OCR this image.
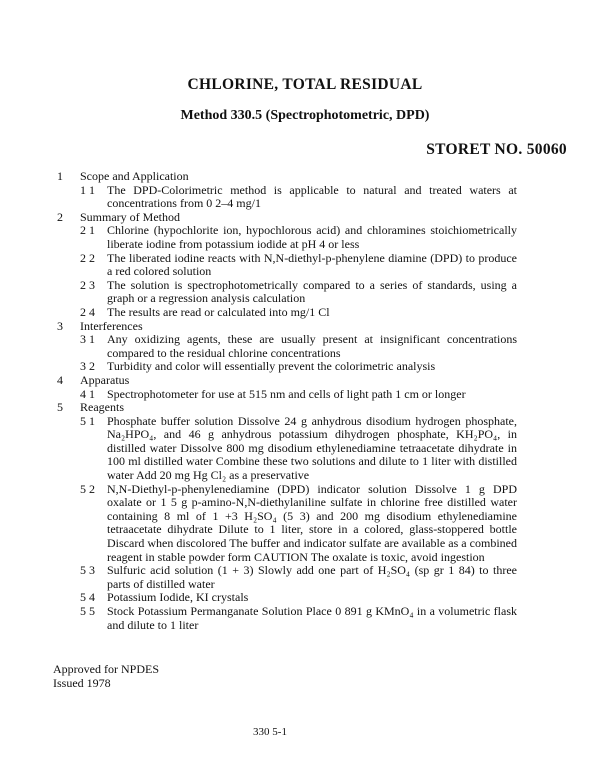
CHLORINE, TOTAL RESIDUAL
Method 330.5 (Spectrophotometric, DPD)
STORET NO. 50060
1	Scope and Application
1 1	The DPD-Colorimetric method is applicable to natural and treated waters at concentrations from 0 2–4 mg/1
2	Summary of Method
2 1	Chlorine (hypochlorite ion, hypochlorous acid) and chloramines stoichiometrically liberate iodine from potassium iodide at pH 4 or less
2 2	The liberated iodine reacts with N,N-diethyl-p-phenylene diamine (DPD) to produce a red colored solution
2 3	The solution is spectrophotometrically compared to a series of standards, using a graph or a regression analysis calculation
2 4	The results are read or calculated into mg/1 Cl
3	Interferences
3 1	Any oxidizing agents, these are usually present at insignificant concentrations compared to the residual chlorine concentrations
3 2	Turbidity and color will essentially prevent the colorimetric analysis
4	Apparatus
4 1	Spectrophotometer for use at 515 nm and cells of light path 1 cm or longer
5	Reagents
5 1	Phosphate buffer solution Dissolve 24 g anhydrous disodium hydrogen phosphate, Na₂HPO₄, and 46 g anhydrous potassium dihydrogen phosphate, KH₂PO₄, in distilled water Dissolve 800 mg disodium ethylenediamine tetraacetate dihydrate in 100 ml distilled water Combine these two solutions and dilute to 1 liter with distilled water Add 20 mg Hg Cl₂ as a preservative
5 2	N,N-Diethyl-p-phenylenediamine (DPD) indicator solution Dissolve 1 g DPD oxalate or 1 5 g p-amino-N,N-diethylaniline sulfate in chlorine free distilled water containing 8 ml of 1 +3 H₂SO₄ (5 3) and 200 mg disodium ethylenediamine tetraacetate dihydrate Dilute to 1 liter, store in a colored, glass-stoppered bottle Discard when discolored The buffer and indicator sulfate are available as a combined reagent in stable powder form CAUTION The oxalate is toxic, avoid ingestion
5 3	Sulfuric acid solution (1 + 3) Slowly add one part of H₂SO₄ (sp gr 1 84) to three parts of distilled water
5 4	Potassium Iodide, KI crystals
5 5	Stock Potassium Permanganate Solution Place 0 891 g KMnO₄ in a volumetric flask and dilute to 1 liter
Approved for NPDES
Issued 1978
330 5-1
